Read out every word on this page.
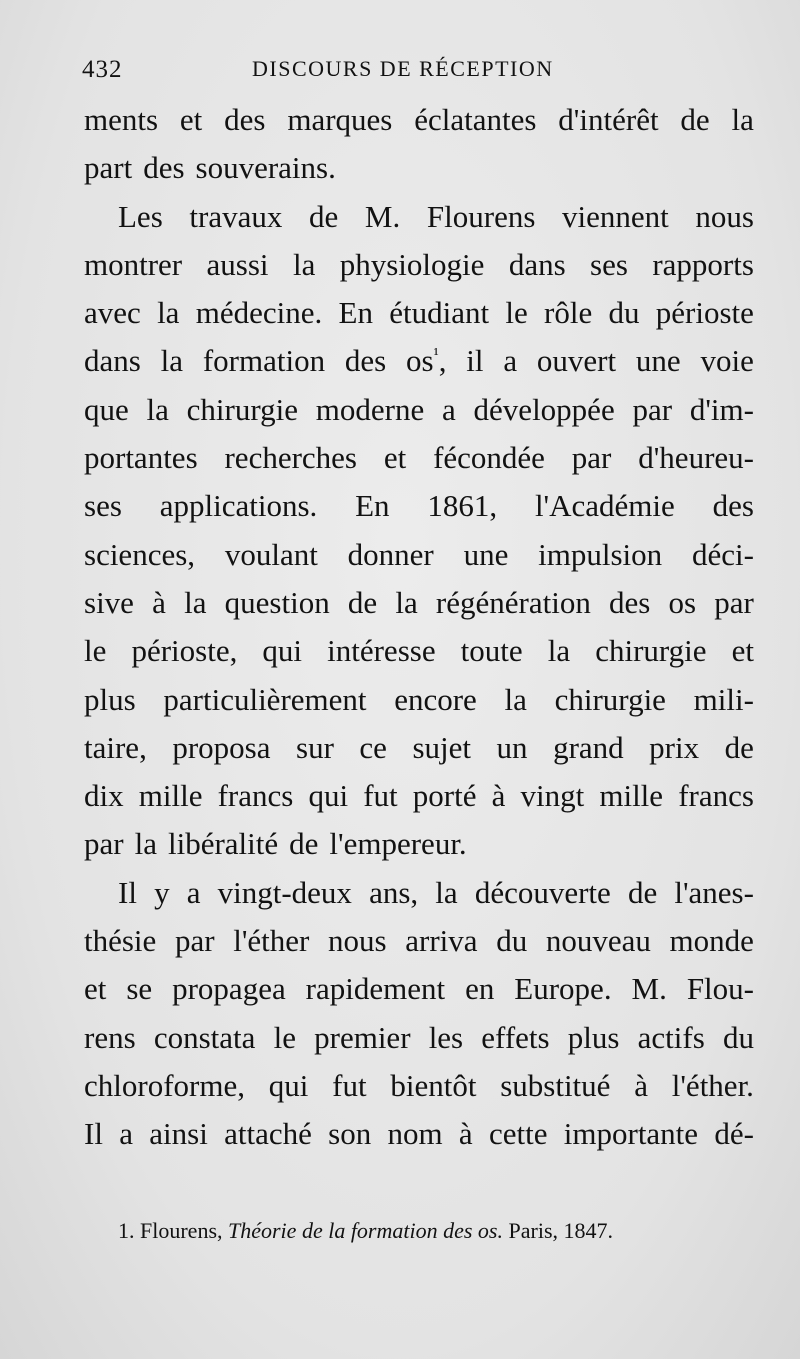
432	DISCOURS DE RÉCEPTION
ments et des marques éclatantes d'intérêt de la
part des souverains.
Les travaux de M. Flourens viennent nous
montrer aussi la physiologie dans ses rapports
avec la médecine. En étudiant le rôle du périoste
dans la formation des os$^{^1}$, il a ouvert une voie
que la chirurgie moderne a développée par d'im-
portantes recherches et fécondée par d'heureu-
ses applications. En 1861, l'Académie des
sciences, voulant donner une impulsion déci-
sive à la question de la régénération des os par
le périoste, qui intéresse toute la chirurgie et
plus particulièrement encore la chirurgie mili-
taire, proposa sur ce sujet un grand prix de
dix mille francs qui fut porté à vingt mille francs
par la libéralité de l'empereur.
Il y a vingt-deux ans, la découverte de l'anes-
thésie par l'éther nous arriva du nouveau monde
et se propagea rapidement en Europe. M. Flou-
rens constata le premier les effets plus actifs du
chloroforme, qui fut bientôt substitué à l'éther.
Il a ainsi attaché son nom à cette importante dé-
1. Flourens, Théorie de la formation des os. Paris, 1847.
